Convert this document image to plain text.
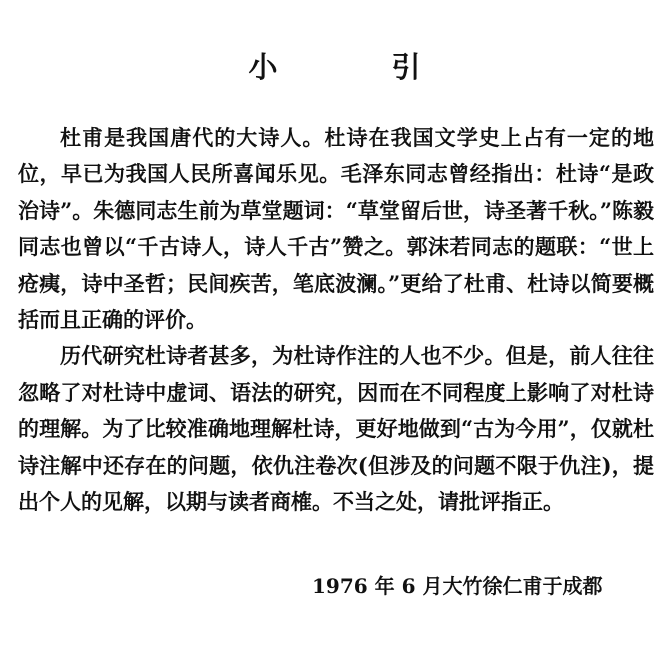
小 引

杜甫是我国唐代的大诗人。杜诗在我国文学史上占有一定的地位，早已为我国人民所喜闻乐见。毛泽东同志曾经指出：杜诗“是政治诗”。朱德同志生前为草堂题词：“草堂留后世，诗圣著千秋。”陈毅同志也曾以“千古诗人，诗人千古”赞之。郭沫若同志的题联：“世上疮痍，诗中圣哲；民间疾苦，笔底波澜。”更给了杜甫、杜诗以简要概括而且正确的评价。

历代研究杜诗者甚多，为杜诗作注的人也不少。但是，前人往往忽略了对杜诗中虚词、语法的研究，因而在不同程度上影响了对杜诗的理解。为了比较准确地理解杜诗，更好地做到“古为今用”，仅就杜诗注解中还存在的问题，依仇注卷次(但涉及的问题不限于仇注)，提出个人的见解，以期与读者商榷。不当之处，请批评指正。

1976 年 6 月大竹徐仁甫于成都
